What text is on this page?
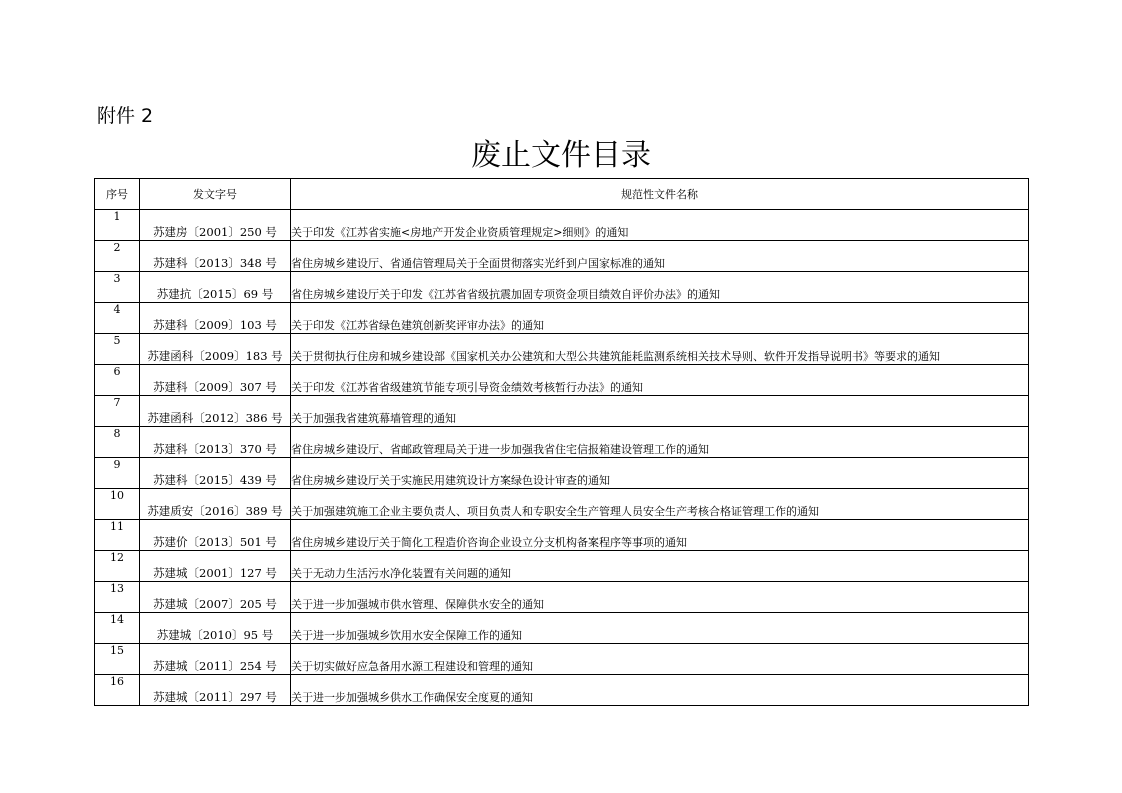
附件 2
废止文件目录
序号	发文字号	规范性文件名称
1	苏建房〔2001〕250 号	关于印发《江苏省实施<房地产开发企业资质管理规定>细则》的通知
2	苏建科〔2013〕348 号	省住房城乡建设厅、省通信管理局关于全面贯彻落实光纤到户国家标准的通知
3	苏建抗〔2015〕69 号	省住房城乡建设厅关于印发《江苏省省级抗震加固专项资金项目绩效自评价办法》的通知
4	苏建科〔2009〕103 号	关于印发《江苏省绿色建筑创新奖评审办法》的通知
5	苏建函科〔2009〕183 号	关于贯彻执行住房和城乡建设部《国家机关办公建筑和大型公共建筑能耗监测系统相关技术导则、软件开发指导说明书》等要求的通知
6	苏建科〔2009〕307 号	关于印发《江苏省省级建筑节能专项引导资金绩效考核暂行办法》的通知
7	苏建函科〔2012〕386 号	关于加强我省建筑幕墙管理的通知
8	苏建科〔2013〕370 号	省住房城乡建设厅、省邮政管理局关于进一步加强我省住宅信报箱建设管理工作的通知
9	苏建科〔2015〕439 号	省住房城乡建设厅关于实施民用建筑设计方案绿色设计审查的通知
10	苏建质安〔2016〕389 号	关于加强建筑施工企业主要负责人、项目负责人和专职安全生产管理人员安全生产考核合格证管理工作的通知
11	苏建价〔2013〕501 号	省住房城乡建设厅关于简化工程造价咨询企业设立分支机构备案程序等事项的通知
12	苏建城〔2001〕127 号	关于无动力生活污水净化装置有关问题的通知
13	苏建城〔2007〕205 号	关于进一步加强城市供水管理、保障供水安全的通知
14	苏建城〔2010〕95 号	关于进一步加强城乡饮用水安全保障工作的通知
15	苏建城〔2011〕254 号	关于切实做好应急备用水源工程建设和管理的通知
16	苏建城〔2011〕297 号	关于进一步加强城乡供水工作确保安全度夏的通知
